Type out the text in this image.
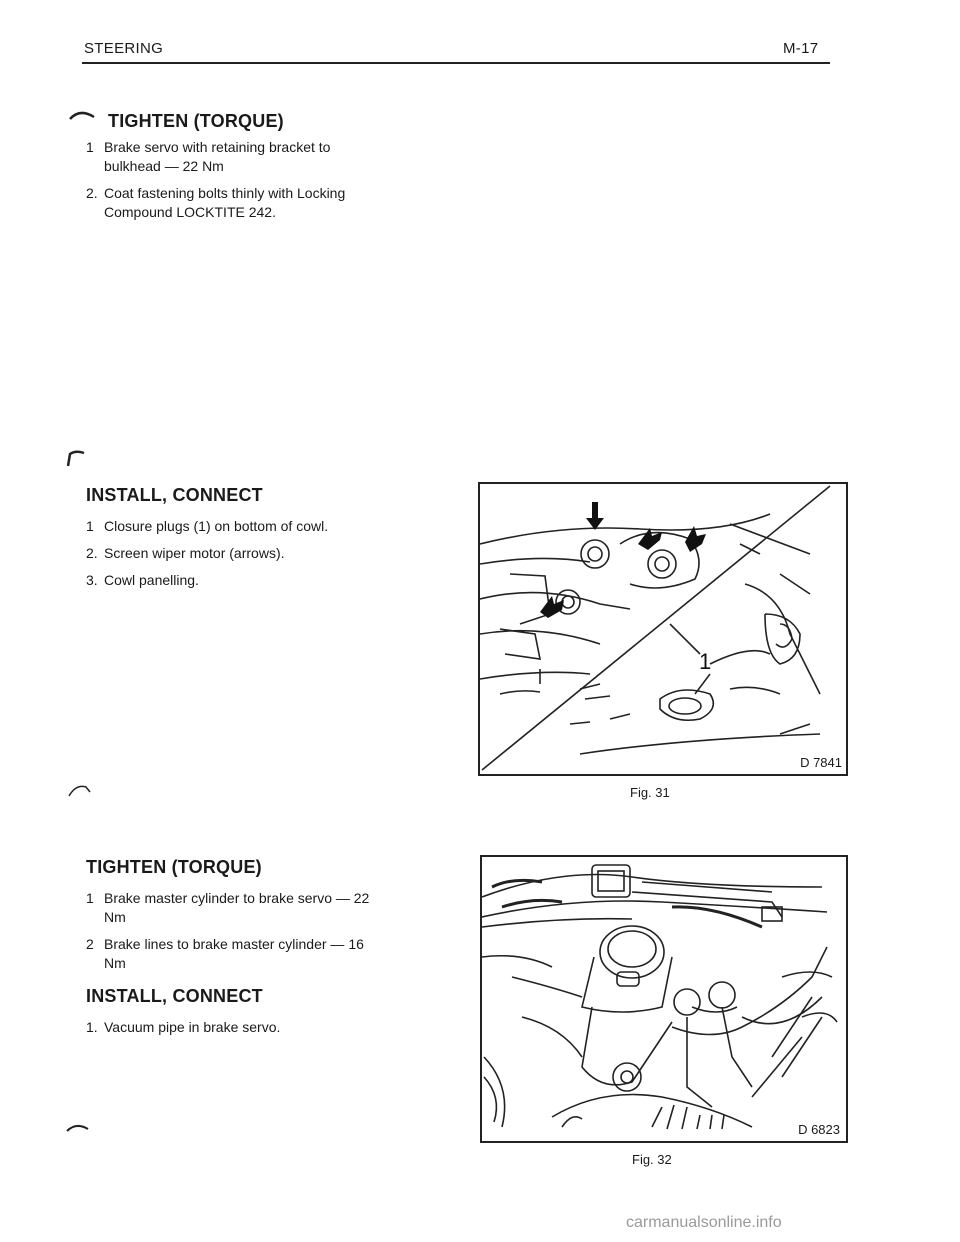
STEERING	M-17
TIGHTEN (TORQUE)
1 Brake servo with retaining bracket to bulkhead — 22 Nm
2. Coat fastening bolts thinly with Locking Compound LOCKTITE 242.
INSTALL, CONNECT
1 Closure plugs (1) on bottom of cowl.
2. Screen wiper motor (arrows).
3. Cowl panelling.
TIGHTEN (TORQUE)
1 Brake master cylinder to brake servo — 22 Nm
2 Brake lines to brake master cylinder — 16 Nm
INSTALL, CONNECT
1. Vacuum pipe in brake servo.
1
D 7841
Fig. 31
D 6823
Fig. 32
carmanualsonline.info
